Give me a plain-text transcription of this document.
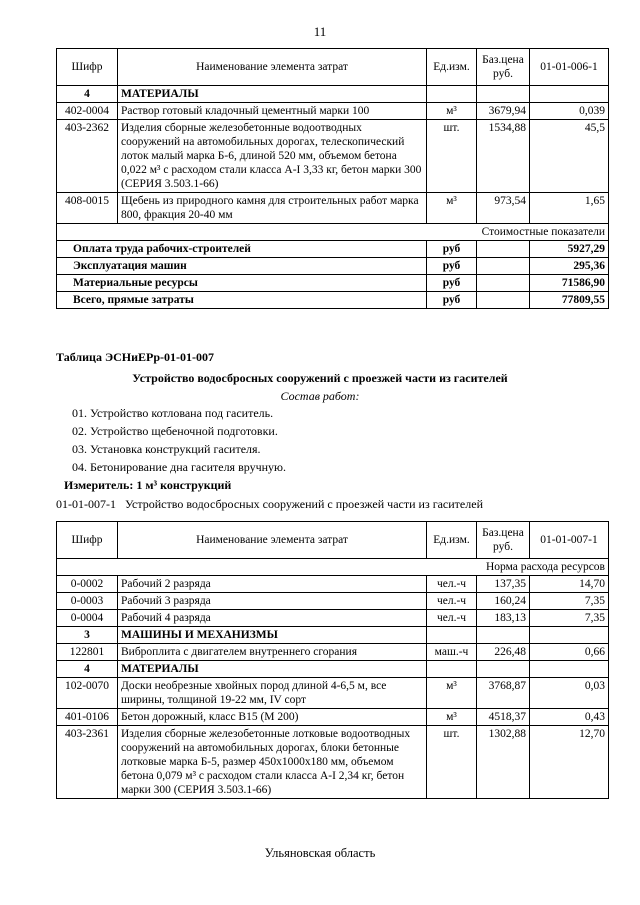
11
Шифр	Наименование элемента затрат	Ед.изм.	Баз.цена руб.	01-01-006-1
4	МАТЕРИАЛЫ			
402-0004	Раствор готовый кладочный цементный марки 100	м³	3679,94	0,039
403-2362	Изделия сборные железобетонные водоотводных сооружений на автомобильных дорогах, телескопический лоток малый марка Б-6, длиной 520 мм, объемом бетона 0,022 м³ с расходом стали класса А-I 3,33 кг, бетон марки 300 (СЕРИЯ 3.503.1-66)	шт.	1534,88	45,5
408-0015	Щебень из природного камня для строительных работ марка 800, фракция 20-40 мм	м³	973,54	1,65
Стоимостные показатели				
Оплата труда рабочих-строителей		руб		5927,29
Эксплуатация машин		руб		295,36
Материальные ресурсы		руб		71586,90
Всего, прямые затраты		руб		77809,55
Таблица ЭСНиЕРр-01-01-007
Устройство водосбросных сооружений с проезжей части из гасителей
Состав работ:
01. Устройство котлована под гаситель.
02. Устройство щебеночной подготовки.
03. Установка конструкций гасителя.
04. Бетонирование дна гасителя вручную.
Измеритель: 1 м³ конструкций
01-01-007-1   Устройство водосбросных сооружений с проезжей части из гасителей
Шифр	Наименование элемента затрат	Ед.изм.	Баз.цена руб.	01-01-007-1
Норма расхода ресурсов				
0-0002	Рабочий 2 разряда	чел.-ч	137,35	14,70
0-0003	Рабочий 3 разряда	чел.-ч	160,24	7,35
0-0004	Рабочий 4 разряда	чел.-ч	183,13	7,35
3	МАШИНЫ И МЕХАНИЗМЫ			
122801	Виброплита с двигателем внутреннего сгорания	маш.-ч	226,48	0,66
4	МАТЕРИАЛЫ			
102-0070	Доски необрезные хвойных пород длиной 4-6,5 м, все ширины, толщиной 19-22 мм, IV сорт	м³	3768,87	0,03
401-0106	Бетон дорожный, класс В15 (М 200)	м³	4518,37	0,43
403-2361	Изделия сборные железобетонные лотковые водоотводных сооружений на автомобильных дорогах, блоки бетонные лотковые марка Б-5, размер 450х1000х180 мм, объемом бетона 0,079 м³ с расходом стали класса А-I 2,34 кг, бетон марки 300 (СЕРИЯ 3.503.1-66)	шт.	1302,88	12,70
Ульяновская область
